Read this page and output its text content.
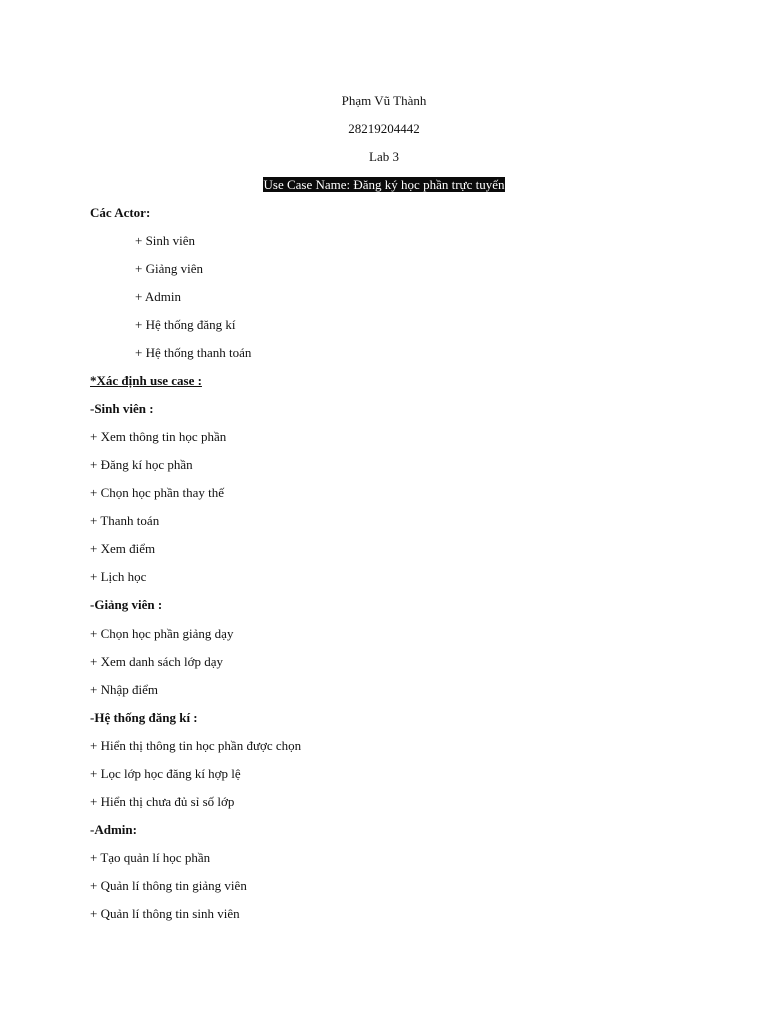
Phạm Vũ Thành
28219204442
Lab 3
Use Case Name: Đăng ký học phần trực tuyến
Các Actor:
+ Sinh viên
+ Giảng viên
+ Admin
+ Hệ thống đăng kí
+ Hệ thống thanh toán
*Xác định use case :
-Sinh viên :
+ Xem thông tin học phần
+ Đăng kí học phần
+ Chọn học phần thay thế
+ Thanh toán
+ Xem điểm
+ Lịch học
-Giảng viên :
+ Chọn học phần giảng dạy
+ Xem danh sách lớp dạy
+ Nhập điểm
-Hệ thống đăng kí :
+ Hiển thị thông tin học phần được chọn
+ Lọc lớp học đăng kí hợp lệ
+ Hiển thị chưa đủ sỉ số lớp
-Admin:
+ Tạo quản lí học phần
+ Quản lí thông tin giảng viên
+ Quản lí thông tin sinh viên
